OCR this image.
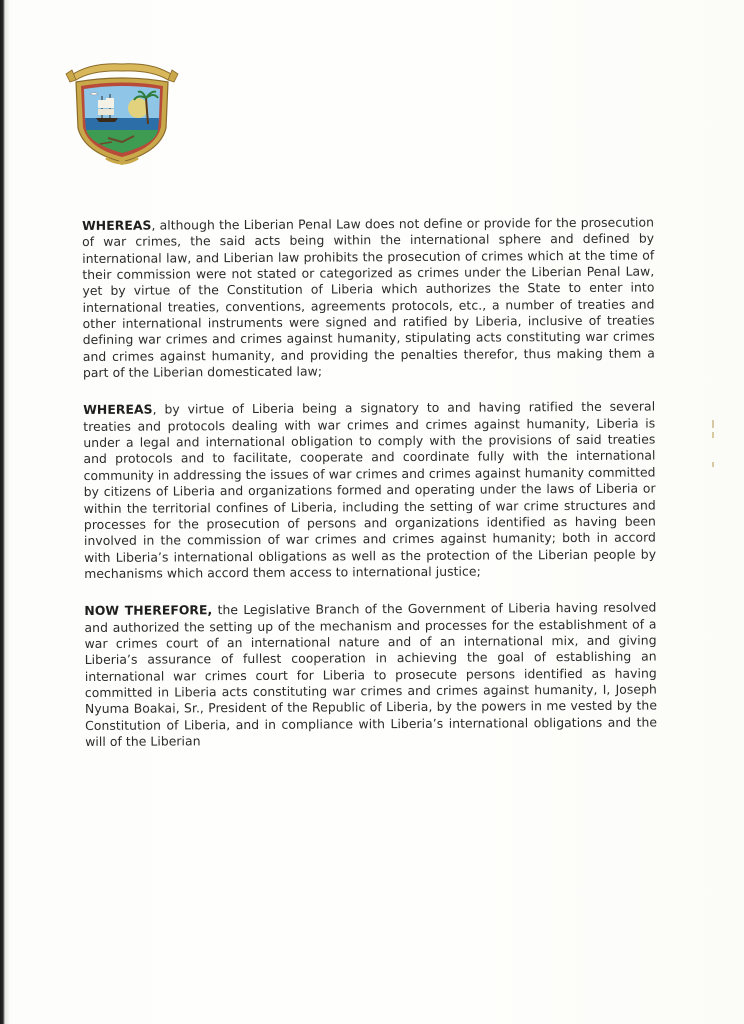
WHEREAS, although the Liberian Penal Law does not define or provide for the prosecution of war crimes, the said acts being within the international sphere and defined by international law, and Liberian law prohibits the prosecution of crimes which at the time of their commission were not stated or categorized as crimes under the Liberian Penal Law, yet by virtue of the Constitution of Liberia which authorizes the State to enter into international treaties, conventions, agreements protocols, etc., a number of treaties and other international instruments were signed and ratified by Liberia, inclusive of treaties defining war crimes and crimes against humanity, stipulating acts constituting war crimes and crimes against humanity, and providing the penalties therefor, thus making them a part of the Liberian domesticated law;

WHEREAS, by virtue of Liberia being a signatory to and having ratified the several treaties and protocols dealing with war crimes and crimes against humanity, Liberia is under a legal and international obligation to comply with the provisions of said treaties and protocols and to facilitate, cooperate and coordinate fully with the international community in addressing the issues of war crimes and crimes against humanity committed by citizens of Liberia and organizations formed and operating under the laws of Liberia or within the territorial confines of Liberia, including the setting of war crime structures and processes for the prosecution of persons and organizations identified as having been involved in the commission of war crimes and crimes against humanity; both in accord with Liberia’s international obligations as well as the protection of the Liberian people by mechanisms which accord them access to international justice;

NOW THEREFORE, the Legislative Branch of the Government of Liberia having resolved and authorized the setting up of the mechanism and processes for the establishment of a war crimes court of an international nature and of an international mix, and giving Liberia’s assurance of fullest cooperation in achieving the goal of establishing an international war crimes court for Liberia to prosecute persons identified as having committed in Liberia acts constituting war crimes and crimes against humanity, I, Joseph Nyuma Boakai, Sr., President of the Republic of Liberia, by the powers in me vested by the Constitution of Liberia, and in compliance with Liberia’s international obligations and the will of the Liberian
